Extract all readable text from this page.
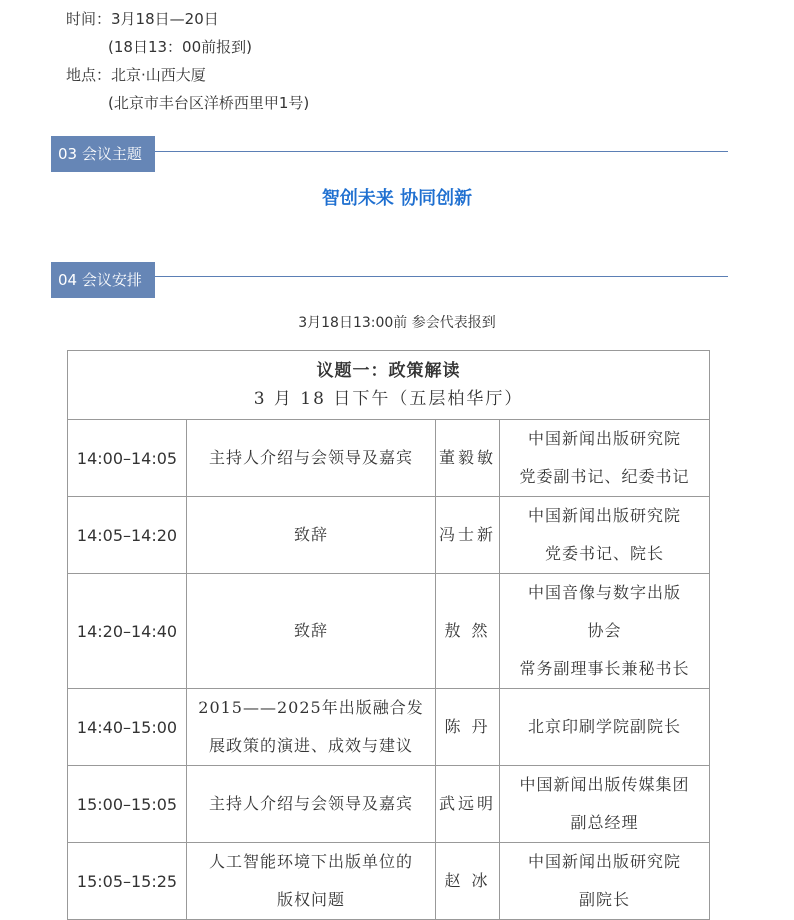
时间：3月18日—20日
(18日13：00前报到)
地点：北京·山西大厦
(北京市丰台区洋桥西里甲1号)
03 会议主题
智创未来 协同创新
04 会议安排
3月18日13:00前 参会代表报到
议题一：政策解读
3 月 18 日下午（五层柏华厅）			

14:00–14:05	主持人介绍与会领导及嘉宾	董毅敏	中国新闻出版研究院
党委副书记、纪委书记

14:05–14:20	致辞	冯士新	中国新闻出版研究院
党委书记、院长

14:20–14:40	致辞	敖 然	中国音像与数字出版
协会
常务副理事长兼秘书长

14:40–15:00	2015——2025年出版融合发
展政策的演进、成效与建议	陈 丹	北京印刷学院副院长

15:00–15:05	主持人介绍与会领导及嘉宾	武远明	中国新闻出版传媒集团
副总经理

15:05–15:25	人工智能环境下出版单位的
版权问题	赵 冰	中国新闻出版研究院
副院长
